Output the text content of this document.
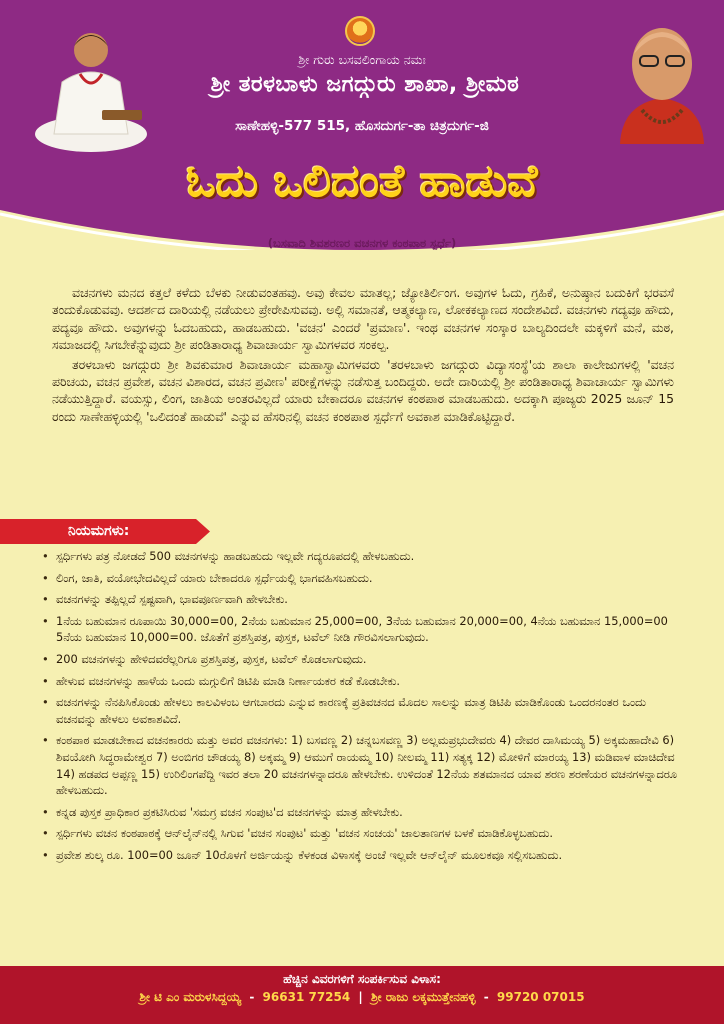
ಶ್ರೀ ಗುರು ಬಸವಲಿಂಗಾಯ ನಮಃ
ಶ್ರೀ ತರಳಬಾಳು ಜಗದ್ಗುರು ಶಾಖಾ, ಶ್ರೀಮಠ
ಸಾಣೇಹಳ್ಳಿ-577 515, ಹೊಸದುರ್ಗ-ತಾ ಚಿತ್ರದುರ್ಗ-ಜಿ
ಓದು ಒಲಿದಂತೆ ಹಾಡುವೆ
(ಬಸವಾದಿ ಶಿವಶರಣರ ವಚನಗಳ ಕಂಠಪಾಠ ಸ್ಪರ್ಧೆ)

ವಚನಗಳು ಮನದ ಕತ್ತಲೆ ಕಳೆದು ಬೆಳಕು ನೀಡುವಂತಹವು. ಅವು ಕೇವಲ ಮಾತಲ್ಲ; ಜ್ಯೋತಿರ್ಲಿಂಗ. ಅವುಗಳ ಓದು, ಗ್ರಹಿಕೆ, ಅನುಷ್ಠಾನ ಬದುಕಿಗೆ ಭರವಸೆ ತಂದುಕೊಡುವವು. ಆದರ್ಶದ ದಾರಿಯಲ್ಲಿ ನಡೆಯಲು ಪ್ರೇರೇಪಿಸುವವು. ಅಲ್ಲಿ ಸಮಾನತೆ, ಆತ್ಮಕಲ್ಯಾಣ, ಲೋಕಕಲ್ಯಾಣದ ಸಂದೇಶವಿದೆ. ವಚನಗಳು ಗದ್ಯವೂ ಹೌದು, ಪದ್ಯವೂ ಹೌದು. ಅವುಗಳನ್ನು ಓದಬಹುದು, ಹಾಡಬಹುದು. 'ವಚನ' ಎಂದರೆ 'ಪ್ರಮಾಣ'. ಇಂಥ ವಚನಗಳ ಸಂಸ್ಕಾರ ಬಾಲ್ಯದಿಂದಲೇ ಮಕ್ಕಳಿಗೆ ಮನೆ, ಮಠ, ಸಮಾಜದಲ್ಲಿ ಸಿಗಬೇಕೆನ್ನುವುದು ಶ್ರೀ ಪಂಡಿತಾರಾಧ್ಯ ಶಿವಾಚಾರ್ಯ ಸ್ವಾಮಿಗಳವರ ಸಂಕಲ್ಪ.

ತರಳಬಾಳು ಜಗದ್ಗುರು ಶ್ರೀ ಶಿವಕುಮಾರ ಶಿವಾಚಾರ್ಯ ಮಹಾಸ್ವಾಮಿಗಳವರು 'ತರಳಬಾಳು ಜಗದ್ಗುರು ವಿದ್ಯಾಸಂಸ್ಥೆ'ಯ ಶಾಲಾ ಕಾಲೇಜುಗಳಲ್ಲಿ 'ವಚನ ಪರಿಚಯ, ವಚನ ಪ್ರವೇಶ, ವಚನ ವಿಶಾರದ, ವಚನ ಪ್ರವೀಣ' ಪರೀಕ್ಷೆಗಳನ್ನು ನಡೆಸುತ್ತ ಬಂದಿದ್ದರು. ಅದೇ ದಾರಿಯಲ್ಲಿ ಶ್ರೀ ಪಂಡಿತಾರಾಧ್ಯ ಶಿವಾಚಾರ್ಯ ಸ್ವಾಮಿಗಳು ನಡೆಯುತ್ತಿದ್ದಾರೆ. ವಯಸ್ಸು, ಲಿಂಗ, ಜಾತಿಯ ಅಂತರವಿಲ್ಲದೆ ಯಾರು ಬೇಕಾದರೂ ವಚನಗಳ ಕಂಠಪಾಠ ಮಾಡಬಹುದು. ಅದಕ್ಕಾಗಿ ಪೂಜ್ಯರು 2025 ಜೂನ್ 15 ರಂದು ಸಾಣೇಹಳ್ಳಿಯಲ್ಲಿ 'ಒಲಿದಂತೆ ಹಾಡುವೆ' ಎನ್ನುವ ಹೆಸರಿನಲ್ಲಿ ವಚನ ಕಂಠಪಾಠ ಸ್ಪರ್ಧೆಗೆ ಅವಕಾಶ ಮಾಡಿಕೊಟ್ಟಿದ್ದಾರೆ.

ನಿಯಮಗಳು:
• ಸ್ಪರ್ಧಿಗಳು ಪತ್ರ ನೋಡದೆ 500 ವಚನಗಳನ್ನು ಹಾಡಬಹುದು ಇಲ್ಲವೇ ಗದ್ಯರೂಪದಲ್ಲಿ ಹೇಳಬಹುದು.
• ಲಿಂಗ, ಜಾತಿ, ವಯೋಭೇದವಿಲ್ಲದೆ ಯಾರು ಬೇಕಾದರೂ ಸ್ಪರ್ಧೆಯಲ್ಲಿ ಭಾಗವಹಿಸಬಹುದು.
• ವಚನಗಳನ್ನು ತಪ್ಪಿಲ್ಲದೆ ಸ್ಪಷ್ಟವಾಗಿ, ಭಾವಪೂರ್ಣವಾಗಿ ಹೇಳಬೇಕು.
• 1ನೆಯ ಬಹುಮಾನ ರೂಪಾಯಿ 30,000=00, 2ನೆಯ ಬಹುಮಾನ 25,000=00, 3ನೆಯ ಬಹುಮಾನ 20,000=00, 4ನೆಯ ಬಹುಮಾನ 15,000=00 5ನೆಯ ಬಹುಮಾನ 10,000=00. ಜೊತೆಗೆ ಪ್ರಶಸ್ತಿಪತ್ರ, ಪುಸ್ತಕ, ಟವೆಲ್ ನೀಡಿ ಗೌರವಿಸಲಾಗುವುದು.
• 200 ವಚನಗಳನ್ನು ಹೇಳಿದವರೆಲ್ಲರಿಗೂ ಪ್ರಶಸ್ತಿಪತ್ರ, ಪುಸ್ತಕ, ಟವೆಲ್ ಕೊಡಲಾಗುವುದು.
• ಹೇಳುವ ವಚನಗಳನ್ನು ಹಾಳೆಯ ಒಂದು ಮಗ್ಗುಲಿಗೆ ಡಿಟಿಪಿ ಮಾಡಿ ನಿರ್ಣಾಯಕರ ಕಡೆ ಕೊಡಬೇಕು.
• ವಚನಗಳನ್ನು ನೆನಪಿಸಿಕೊಂಡು ಹೇಳಲು ಕಾಲವಿಳಂಬ ಆಗಬಾರದು ಎನ್ನುವ ಕಾರಣಕ್ಕೆ ಪ್ರತಿವಚನದ ಮೊದಲ ಸಾಲನ್ನು ಮಾತ್ರ ಡಿಟಿಪಿ ಮಾಡಿಕೊಂಡು ಒಂದರನಂತರ ಒಂದು ವಚನವನ್ನು ಹೇಳಲು ಅವಕಾಶವಿದೆ.
• ಕಂಠಪಾಠ ಮಾಡಬೇಕಾದ ವಚನಕಾರರು ಮತ್ತು ಅವರ ವಚನಗಳು: 1) ಬಸವಣ್ಣ 2) ಚನ್ನಬಸವಣ್ಣ 3) ಅಲ್ಲಮಪ್ರಭುದೇವರು 4) ದೇವರ ದಾಸಿಮಯ್ಯ 5) ಅಕ್ಕಮಹಾದೇವಿ 6) ಶಿವಯೋಗಿ ಸಿದ್ಧರಾಮೇಶ್ವರ 7) ಅಂಬಿಗರ ಚೌಡಯ್ಯ 8) ಅಕ್ಕಮ್ಮ 9) ಆಮುಗೆ ರಾಯಮ್ಮ 10) ನೀಲಮ್ಮ 11) ಸತ್ಯಕ್ಕ 12) ಮೋಳಿಗೆ ಮಾರಯ್ಯ 13) ಮಡಿವಾಳ ಮಾಚಿದೇವ 14) ಹಡಪದ ಅಪ್ಪಣ್ಣ 15) ಉರಿಲಿಂಗಪೆದ್ದಿ ಇವರ ತಲಾ 20 ವಚನಗಳನ್ನಾದರೂ ಹೇಳಬೇಕು. ಉಳಿದಂತೆ 12ನೆಯ ಶತಮಾನದ ಯಾವ ಶರಣ ಶರಣೆಯರ ವಚನಗಳನ್ನಾದರೂ ಹೇಳಬಹುದು.
• ಕನ್ನಡ ಪುಸ್ತಕ ಪ್ರಾಧಿಕಾರ ಪ್ರಕಟಿಸಿರುವ 'ಸಮಗ್ರ ವಚನ ಸಂಪುಟ'ದ ವಚನಗಳನ್ನು ಮಾತ್ರ ಹೇಳಬೇಕು.
• ಸ್ಪರ್ಧಿಗಳು ವಚನ ಕಂಠಪಾಠಕ್ಕೆ ಆನ್‌ಲೈನ್‌ನಲ್ಲಿ ಸಿಗುವ 'ವಚನ ಸಂಪುಟ' ಮತ್ತು 'ವಚನ ಸಂಚಯ' ಜಾಲತಾಣಗಳ ಬಳಕೆ ಮಾಡಿಕೊಳ್ಳಬಹುದು.
• ಪ್ರವೇಶ ಶುಲ್ಕ ರೂ. 100=00 ಜೂನ್ 10ರೊಳಗೆ ಅರ್ಜಿಯನ್ನು ಕೆಳಕಂಡ ವಿಳಾಸಕ್ಕೆ ಅಂಚೆ ಇಲ್ಲವೇ ಆನ್‌ಲೈನ್ ಮೂಲಕವೂ ಸಲ್ಲಿಸಬಹುದು.
ಹೆಚ್ಚಿನ ವಿವರಗಳಿಗೆ ಸಂಪರ್ಕಿಸುವ ವಿಳಾಸ:
ಶ್ರೀ ಟಿ ಎಂ ಮರುಳಸಿದ್ದಯ್ಯ - 96631 77254 | ಶ್ರೀ ರಾಜು ಲಕ್ಕಮುತ್ತೇನಹಳ್ಳಿ - 99720 07015
